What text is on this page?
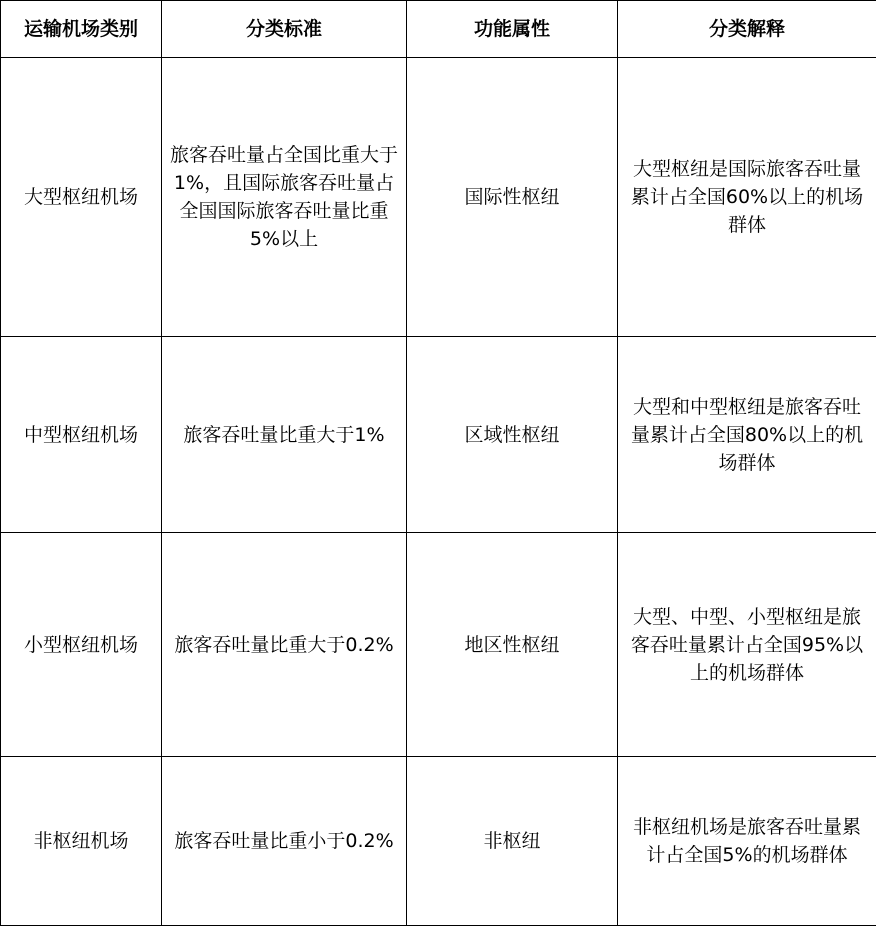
运输机场类别	分类标准	功能属性	分类解释
大型枢纽机场	旅客吞吐量占全国比重大于1%，且国际旅客吞吐量占全国国际旅客吞吐量比重5%以上	国际性枢纽	大型枢纽是国际旅客吞吐量累计占全国60%以上的机场群体
中型枢纽机场	旅客吞吐量比重大于1%	区域性枢纽	大型和中型枢纽是旅客吞吐量累计占全国80%以上的机场群体
小型枢纽机场	旅客吞吐量比重大于0.2%	地区性枢纽	大型、中型、小型枢纽是旅客吞吐量累计占全国95%以上的机场群体
非枢纽机场	旅客吞吐量比重小于0.2%	非枢纽	非枢纽机场是旅客吞吐量累计占全国5%的机场群体
